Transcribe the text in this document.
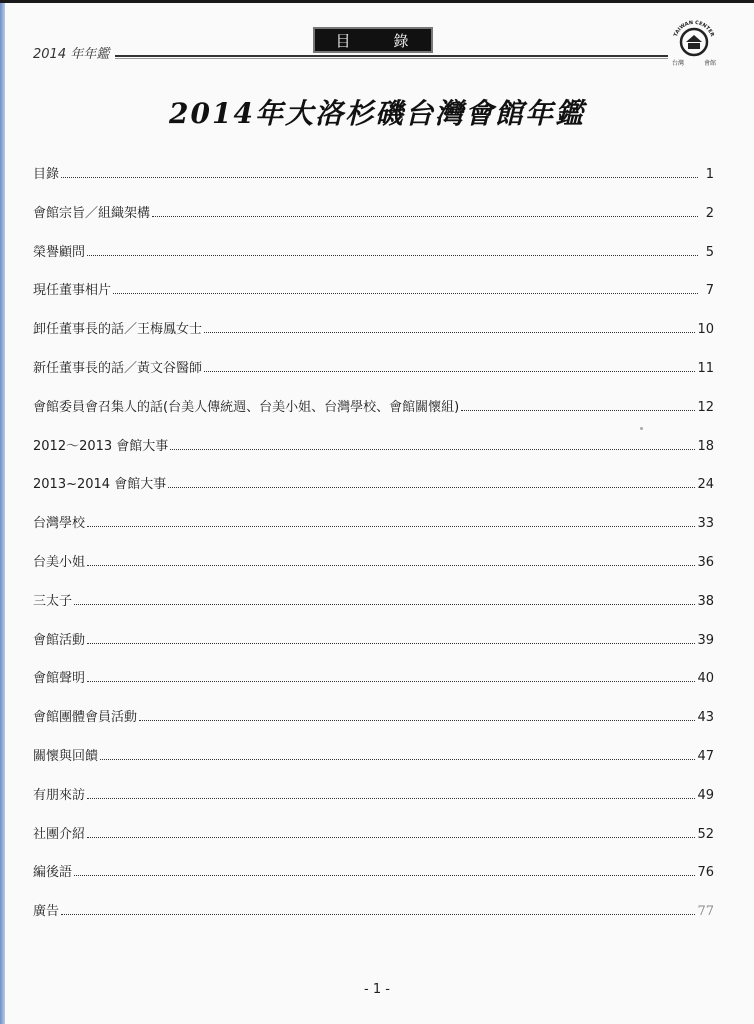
2014 年年鑑
目	錄	TAIWAN CENTER
台灣	會館
2014年大洛杉磯台灣會館年鑑
目錄	1
會館宗旨／組織架構	2
榮譽顧問	5
現任董事相片	7
卸任董事長的話／王梅鳳女士	10
新任董事長的話／黃文谷醫師	11
會館委員會召集人的話(台美人傳統週、台美小姐、台灣學校、會館關懷組)	12
2012～2013 會館大事	18
2013~2014 會館大事	24
台灣學校	33
台美小姐	36
三太子	38
會館活動	39
會館聲明	40
會館團體會員活動	43
關懷與回饋	47
有朋來訪	49
社團介紹	52
編後語	76
廣告	77
- 1 -
